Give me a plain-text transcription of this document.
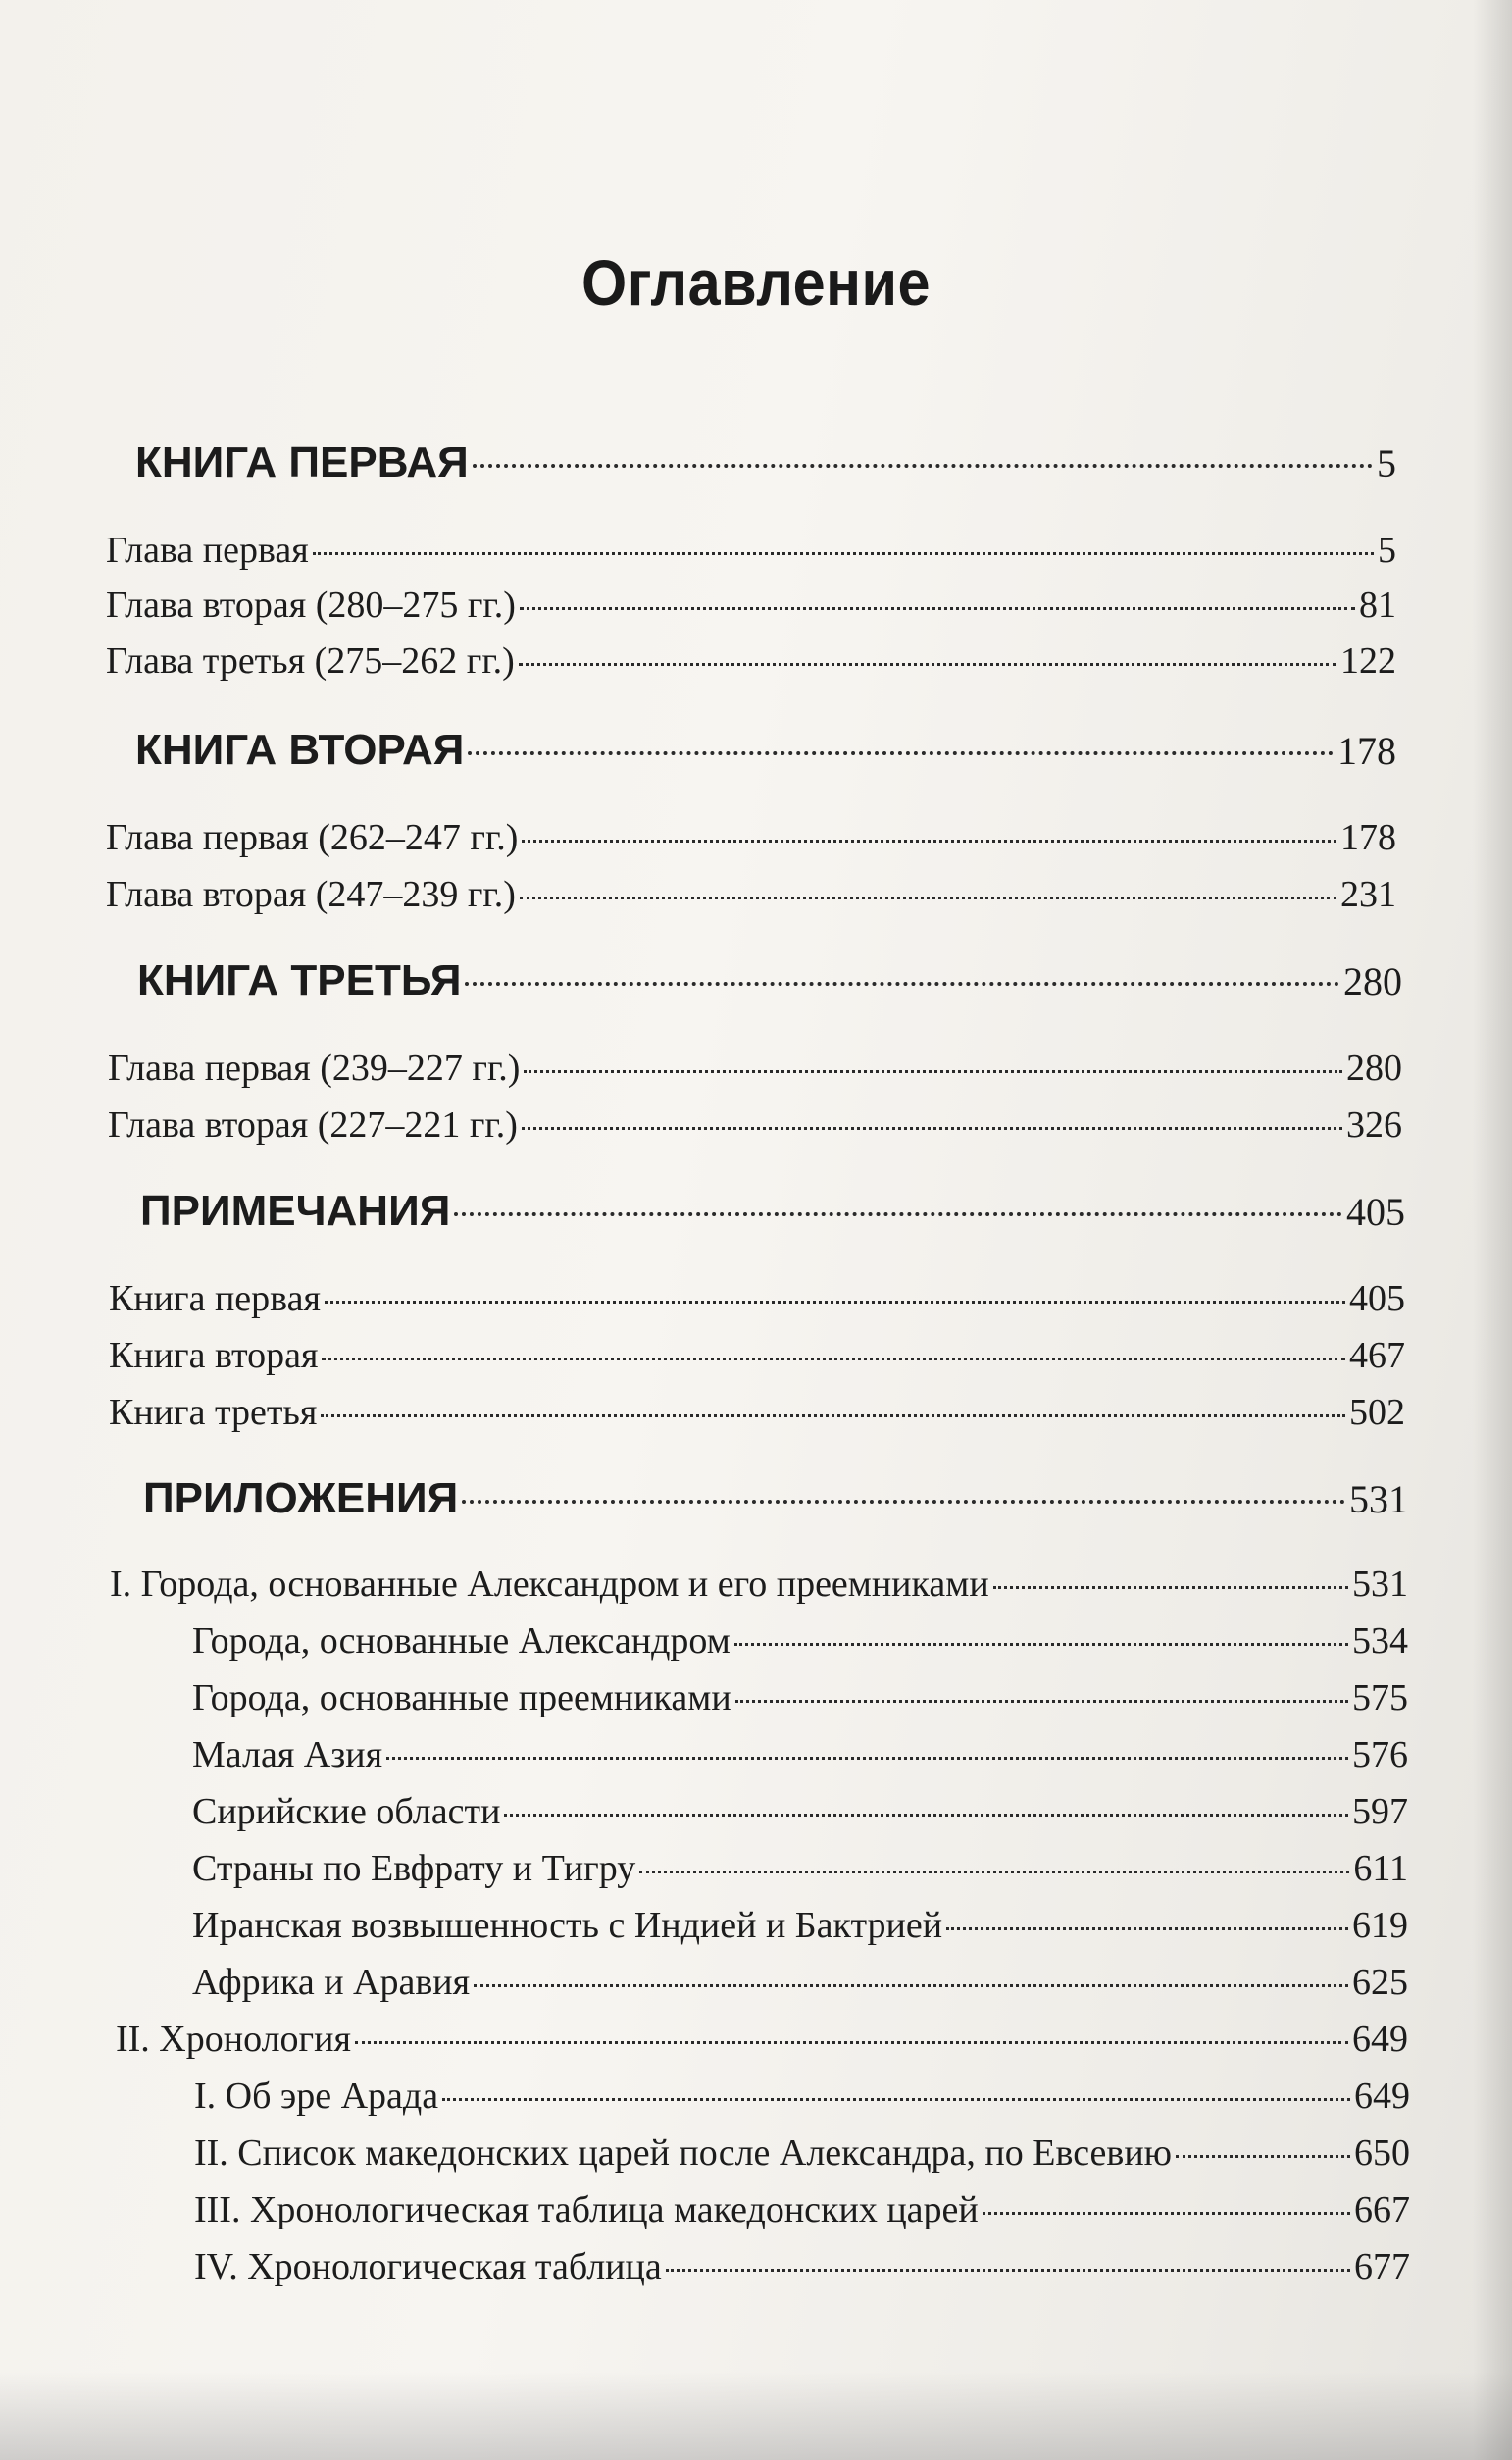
Оглавление
КНИГА ПЕРВАЯ	5
Глава первая	5
Глава вторая (280–275 гг.)	81
Глава третья (275–262 гг.)	122
КНИГА ВТОРАЯ	178
Глава первая (262–247 гг.)	178
Глава вторая (247–239 гг.)	231
КНИГА ТРЕТЬЯ	280
Глава первая (239–227 гг.)	280
Глава вторая (227–221 гг.)	326
ПРИМЕЧАНИЯ	405
Книга первая	405
Книга вторая	467
Книга третья	502
ПРИЛОЖЕНИЯ	531
I. Города, основанные Александром и его преемниками	531
Города, основанные Александром	534
Города, основанные преемниками	575
Малая Азия	576
Сирийские области	597
Страны по Евфрату и Тигру	611
Иранская возвышенность с Индией и Бактрией	619
Африка и Аравия	625
II. Хронология	649
I. Об эре Арада	649
II. Список македонских царей после Александра, по Евсевию	650
III. Хронологическая таблица македонских царей	667
IV. Хронологическая таблица	677
